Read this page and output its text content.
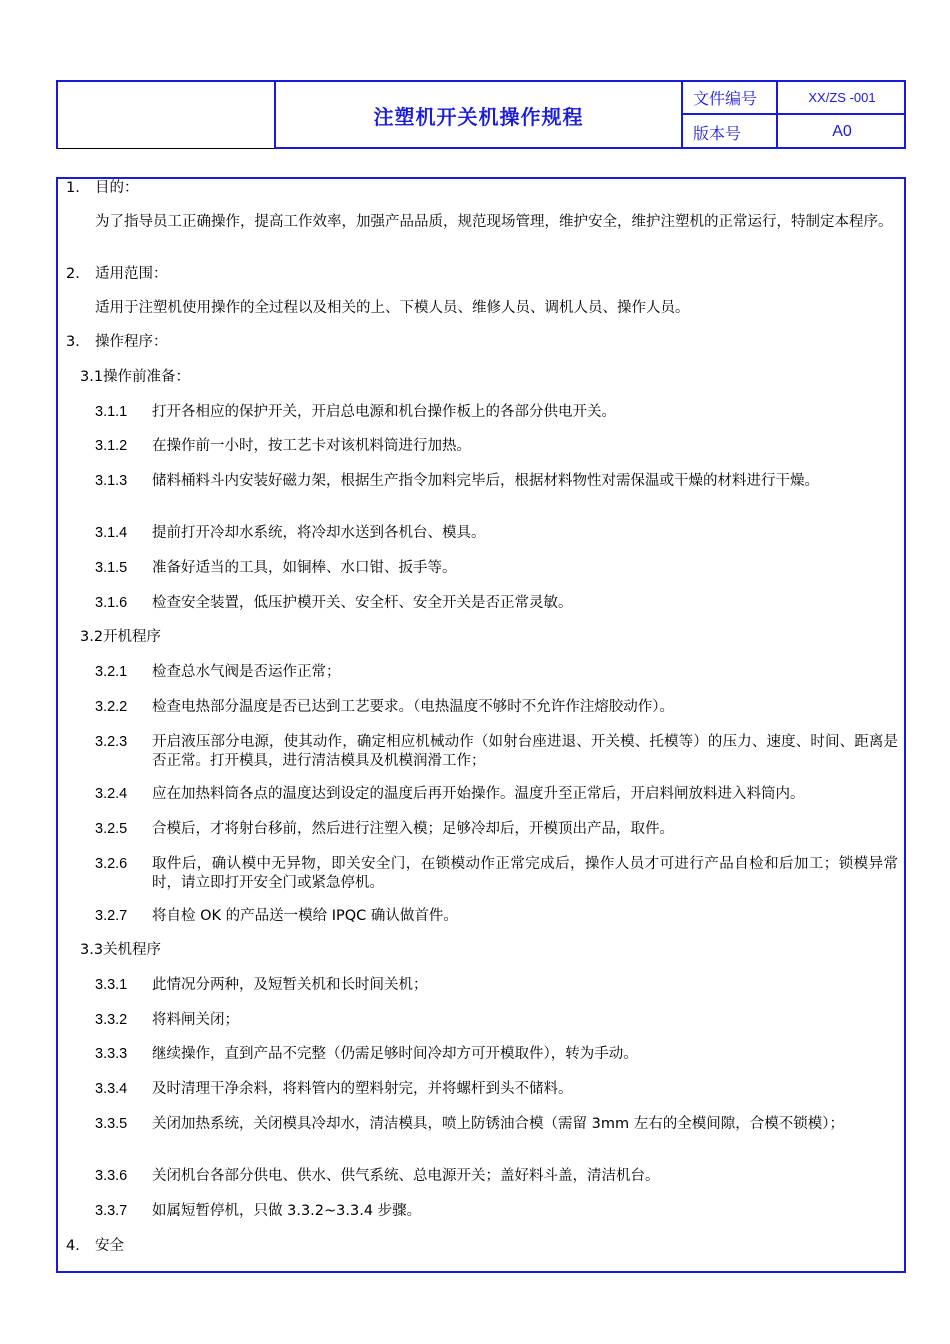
注塑机开关机操作规程
文件编号	XX/ZS -001
版本号	A0
1. 目的：
为了指导员工正确操作，提高工作效率，加强产品品质，规范现场管理，维护安全，维护注塑机的正常运行，特制定本程序。
2. 适用范围：
适用于注塑机使用操作的全过程以及相关的上、下模人员、维修人员、调机人员、操作人员。
3. 操作程序：
3.1操作前准备：
3.1.1 打开各相应的保护开关，开启总电源和机台操作板上的各部分供电开关。
3.1.2 在操作前一小时，按工艺卡对该机料筒进行加热。
3.1.3 储料桶料斗内安装好磁力架，根据生产指令加料完毕后，根据材料物性对需保温或干燥的材料进行干燥。
3.1.4 提前打开冷却水系统，将冷却水送到各机台、模具。
3.1.5 准备好适当的工具，如铜棒、水口钳、扳手等。
3.1.6 检查安全装置，低压护模开关、安全杆、安全开关是否正常灵敏。
3.2开机程序
3.2.1 检查总水气阀是否运作正常；
3.2.2 检查电热部分温度是否已达到工艺要求。（电热温度不够时不允许作注熔胶动作）。
3.2.3 开启液压部分电源，使其动作，确定相应机械动作（如射台座进退、开关模、托模等）的压力、速度、时间、距离是否正常。打开模具，进行清洁模具及机模润滑工作；
3.2.4 应在加热料筒各点的温度达到设定的温度后再开始操作。温度升至正常后，开启料闸放料进入料筒内。
3.2.5 合模后，才将射台移前，然后进行注塑入模；足够冷却后，开模顶出产品，取件。
3.2.6 取件后，确认模中无异物，即关安全门，在锁模动作正常完成后，操作人员才可进行产品自检和后加工；锁模异常时，请立即打开安全门或紧急停机。
3.2.7 将自检 OK 的产品送一模给 IPQC 确认做首件。
3.3关机程序
3.3.1 此情况分两种，及短暂关机和长时间关机；
3.3.2 将料闸关闭；
3.3.3 继续操作，直到产品不完整（仍需足够时间冷却方可开模取件），转为手动。
3.3.4 及时清理干净余料，将料管内的塑料射完，并将螺杆到头不储料。
3.3.5 关闭加热系统，关闭模具冷却水，清洁模具，喷上防锈油合模（需留 3mm 左右的全模间隙，合模不锁模）；
3.3.6 关闭机台各部分供电、供水、供气系统、总电源开关；盖好料斗盖，清洁机台。
3.3.7 如属短暂停机，只做 3.3.2~3.3.4 步骤。
4. 安全
